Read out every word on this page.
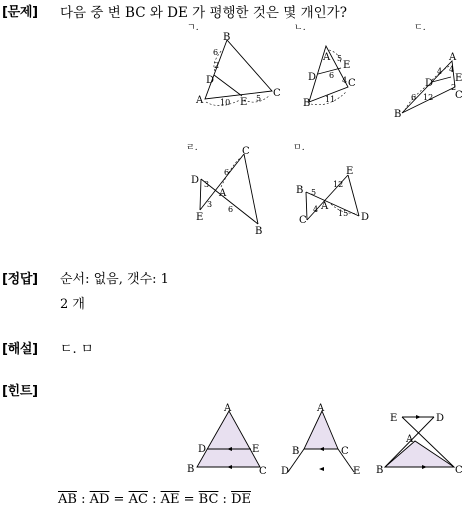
[문제] 다음 중 변 BC 와 DE 가 평행한 것은 몇 개인가?
ㄱ.
B
D
A	E
C
2
6
10	5
ㄴ.
A
D
E
C
B
5
6
4
11
ㄷ.
A
D E
C
B
6
4 4
12
2
ㄹ.	C
D
A
E
B
3
6
3
6
ㅁ.
E
B
A
C	D
5
12
4 15
[정답] 순서: 없음, 갯수: 1
2 개
[해설] ㄷ. ㅁ
[힌트]
A
D	E
B	C
A
B	C
D	E
E	D
A
B	C
$\overline{AB}$ : $\overline{AD} = \overline{AC}$ : $\overline{AE} = \overline{BC}$ : $\overline{DE}$
